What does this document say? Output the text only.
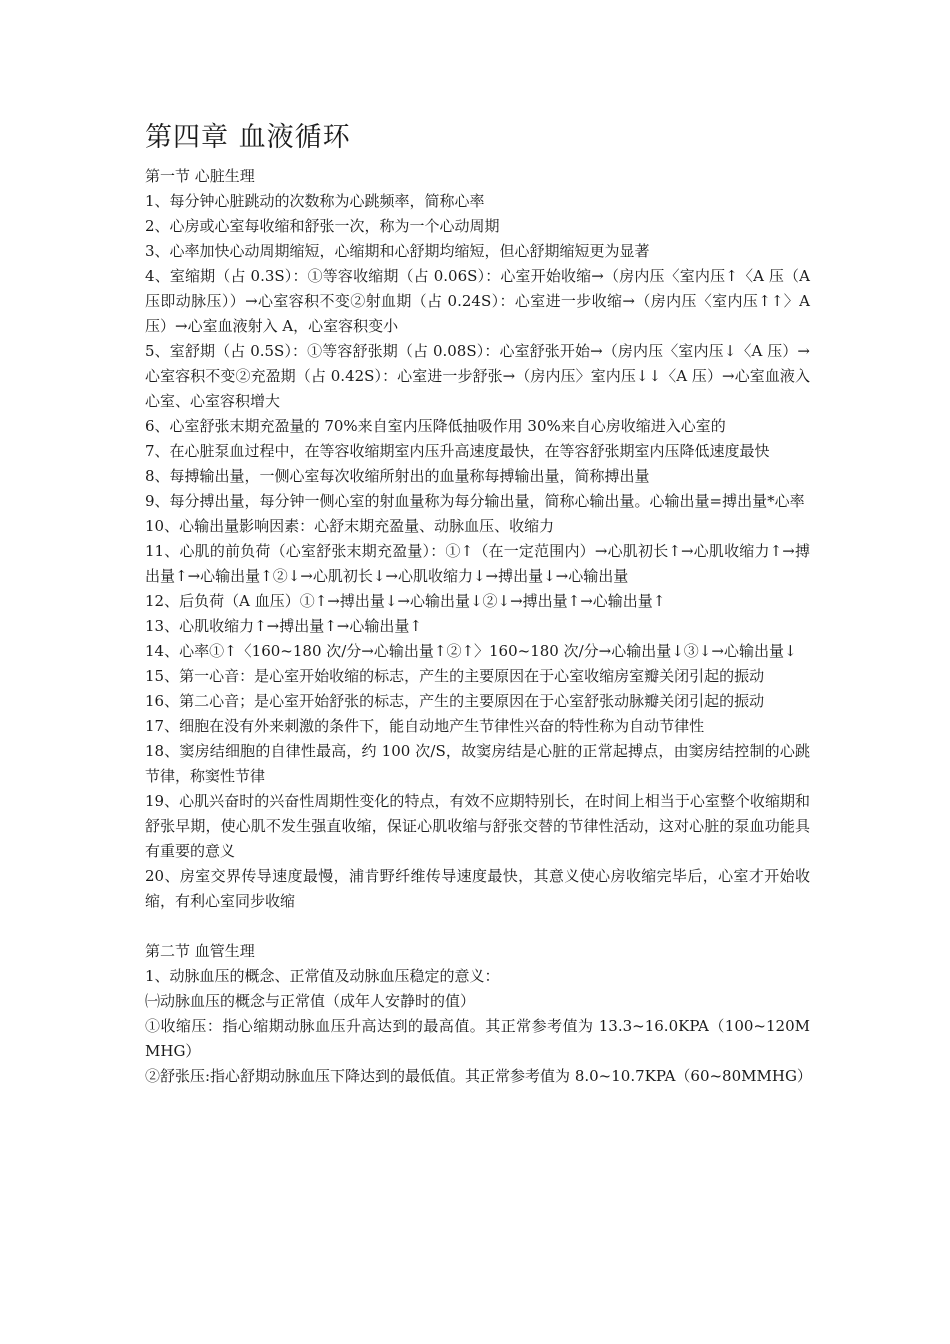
第四章 血液循环
第一节 心脏生理

1、每分钟心脏跳动的次数称为心跳频率，简称心率

2、心房或心室每收缩和舒张一次，称为一个心动周期

3、心率加快心动周期缩短，心缩期和心舒期均缩短，但心舒期缩短更为显著

4、室缩期（占 0.3S）：①等容收缩期（占 0.06S）：心室开始收缩→（房内压〈室内压↑〈A 压（A 压即动脉压））→心室容积不变②射血期（占 0.24S）：心室进一步收缩→（房内压〈室内压↑↑〉A 压）→心室血液射入 A，心室容积变小

5、室舒期（占 0.5S）：①等容舒张期（占 0.08S）：心室舒张开始→（房内压〈室内压↓〈A 压）→心室容积不变②充盈期（占 0.42S）：心室进一步舒张→（房内压〉室内压↓↓〈A 压）→心室血液入心室、心室容积增大

6、心室舒张末期充盈量的 70%来自室内压降低抽吸作用 30%来自心房收缩进入心室的

7、在心脏泵血过程中，在等容收缩期室内压升高速度最快，在等容舒张期室内压降低速度最快

8、每搏输出量，一侧心室每次收缩所射出的血量称每搏输出量，简称搏出量

9、每分搏出量，每分钟一侧心室的射血量称为每分输出量，简称心输出量。心输出量=搏出量*心率

10、心输出量影响因素：心舒末期充盈量、动脉血压、收缩力

11、心肌的前负荷（心室舒张末期充盈量）：①↑（在一定范围内）→心肌初长↑→心肌收缩力↑→搏出量↑→心输出量↑②↓→心肌初长↓→心肌收缩力↓→搏出量↓→心输出量

12、后负荷（A 血压）①↑→搏出量↓→心输出量↓②↓→搏出量↑→心输出量↑

13、心肌收缩力↑→搏出量↑→心输出量↑

14、心率①↑〈160~180 次/分→心输出量↑②↑〉160~180 次/分→心输出量↓③↓→心输出量↓

15、第一心音：是心室开始收缩的标志，产生的主要原因在于心室收缩房室瓣关闭引起的振动

16、第二心音；是心室开始舒张的标志，产生的主要原因在于心室舒张动脉瓣关闭引起的振动

17、细胞在没有外来刺激的条件下，能自动地产生节律性兴奋的特性称为自动节律性

18、窦房结细胞的自律性最高，约 100 次/S，故窦房结是心脏的正常起搏点，由窦房结控制的心跳节律，称窦性节律

19、心肌兴奋时的兴奋性周期性变化的特点，有效不应期特别长，在时间上相当于心室整个收缩期和舒张早期，使心肌不发生强直收缩，保证心肌收缩与舒张交替的节律性活动，这对心脏的泵血功能具有重要的意义

20、房室交界传导速度最慢，浦肯野纤维传导速度最快，其意义使心房收缩完毕后，心室才开始收缩，有利心室同步收缩

第二节 血管生理

1、动脉血压的概念、正常值及动脉血压稳定的意义：

㈠动脉血压的概念与正常值（成年人安静时的值）

①收缩压：指心缩期动脉血压升高达到的最高值。其正常参考值为 13.3~16.0KPA（100~120MMHG）

②舒张压:指心舒期动脉血压下降达到的最低值。其正常参考值为 8.0~10.7KPA（60~80MMHG）
